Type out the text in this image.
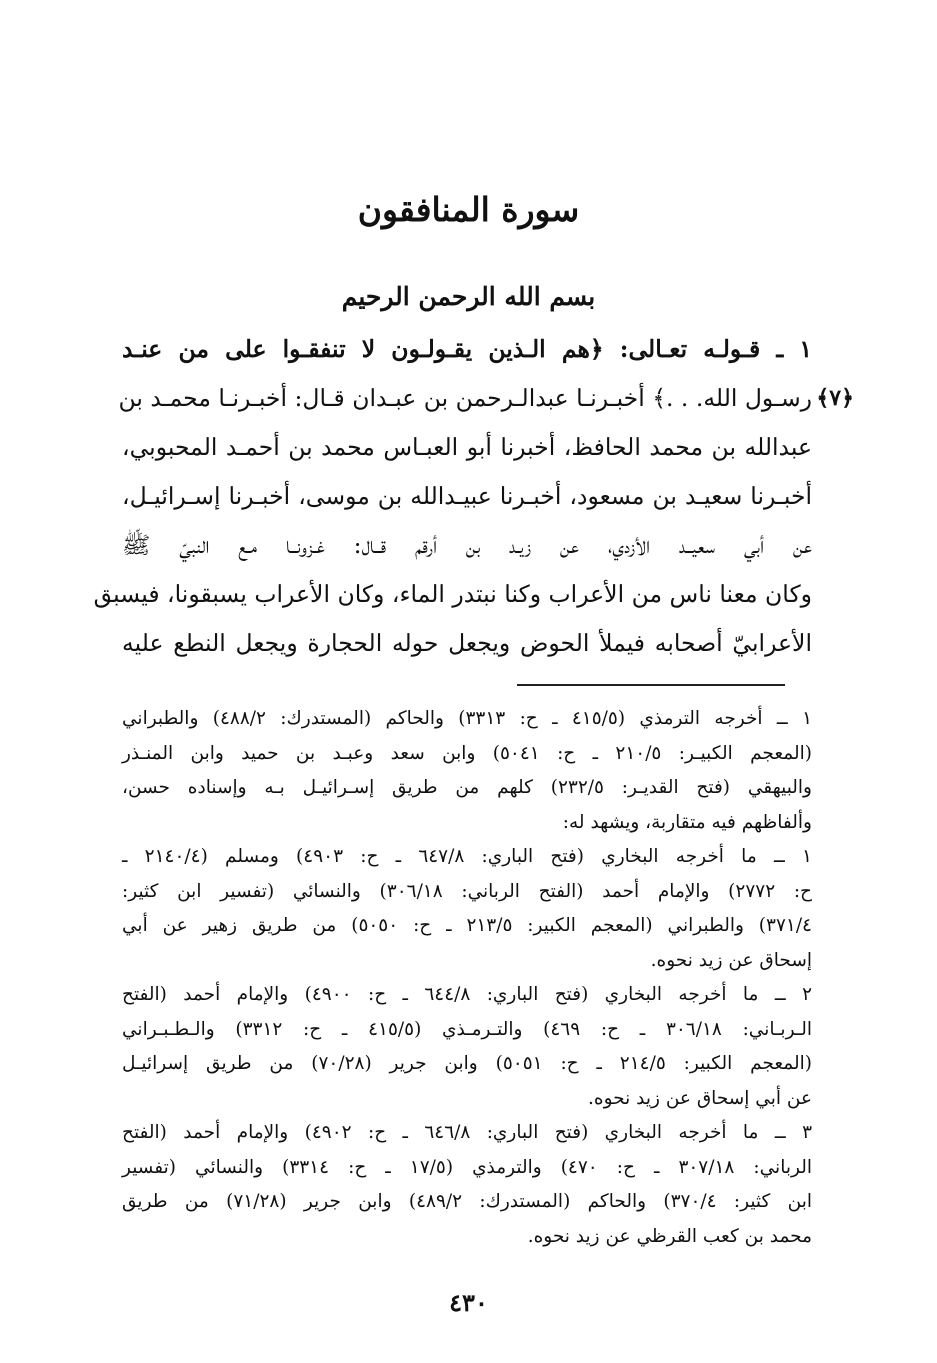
سورة المنافقون
بسم الله الرحمن الرحيم
١ ـ قـولـه تعـالى: ﴿هم الـذين يقـولـون لا تنفقـوا على من عنـد
﴿٧﴾
رسـول الله. . .﴾ أخبـرنـا عبدالـرحمن بن عبـدان قـال: أخبـرنـا محمـد بن
عبدالله بن محمد الحافظ، أخبرنا أبو العبـاس محمد بن أحمـد المحبوبي،
أخبـرنا سعيـد بن مسعود، أخبـرنا عبيـدالله بن موسى، أخبـرنا إسـرائيـل،
عن أبي سعيــد الأزدي، عن زيـد بن أرقم قــال: غـزونــا مـع النبيّ ﷺ
وكان معنا ناس من الأعراب وكنا نبتدر الماء، وكان الأعراب يسبقونا، فيسبق
الأعرابيّ أصحابه فيملأ الحوض ويجعل حوله الحجارة ويجعل النطع عليه
١ ــ أخرجه الترمذي (٤١٥/٥ ـ ح: ٣٣١٣) والحاكم (المستدرك: ٤٨٨/٢) والطبراني
(المعجم الكبيـر: ٢١٠/٥ ـ ح: ٥٠٤١) وابن سعد وعبـد بن حميد وابن المنـذر
والبيهقي (فتح القديـر: ٢٣٢/٥) كلهم من طريق إسـرائيـل بـه وإسناده حسن،
وألفاظهم فيه متقاربة، ويشهد له:
١ ــ ما أخرجه البخاري (فتح الباري: ٦٤٧/٨ ـ ح: ٤٩٠٣) ومسلم (٢١٤٠/٤ ـ
ح: ٢٧٧٢) والإمام أحمد (الفتح الرباني: ٣٠٦/١٨) والنسائي (تفسير ابن كثير:
٣٧١/٤) والطبراني (المعجم الكبير: ٢١٣/٥ ـ ح: ٥٠٥٠) من طريق زهير عن أبي
إسحاق عن زيد نحوه.
٢ ــ ما أخرجه البخاري (فتح الباري: ٦٤٤/٨ ـ ح: ٤٩٠٠) والإمام أحمد (الفتح
الـربـاني: ٣٠٦/١٨ ـ ح: ٤٦٩) والتـرمـذي (٤١٥/٥ ـ ح: ٣٣١٢) والـطـبـراني
(المعجم الكبير: ٢١٤/٥ ـ ح: ٥٠٥١) وابن جرير (٧٠/٢٨) من طريق إسرائيـل
عن أبي إسحاق عن زيد نحوه.
٣ ــ ما أخرجه البخاري (فتح الباري: ٦٤٦/٨ ـ ح: ٤٩٠٢) والإمام أحمد (الفتح
الرباني: ٣٠٧/١٨ ـ ح: ٤٧٠) والترمذي (١٧/٥ ـ ح: ٣٣١٤) والنسائي (تفسير
ابن كثير: ٣٧٠/٤) والحاكم (المستدرك: ٤٨٩/٢) وابن جرير (٧١/٢٨) من طريق
محمد بن كعب القرظي عن زيد نحوه.
٤٣٠
